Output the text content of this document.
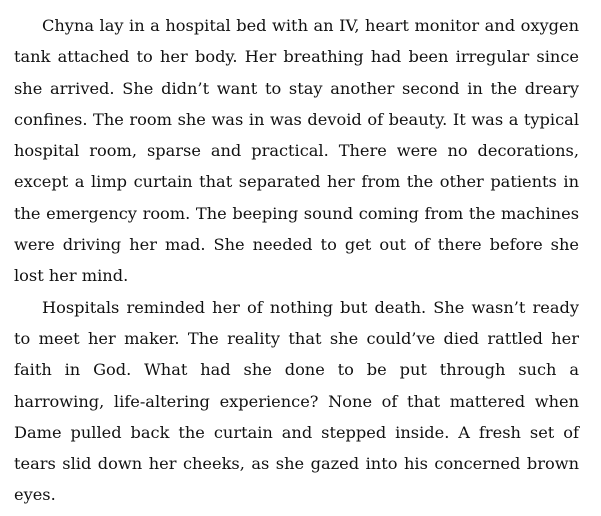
Chyna lay in a hospital bed with an IV, heart monitor and oxygen tank attached to her body. Her breathing had been irregular since she arrived. She didn’t want to stay another second in the dreary confines. The room she was in was devoid of beauty. It was a typical hospital room, sparse and practical. There were no decorations, except a limp curtain that separated her from the other patients in the emergency room. The beeping sound coming from the machines were driving her mad. She needed to get out of there before she lost her mind.

Hospitals reminded her of nothing but death. She wasn’t ready to meet her maker. The reality that she could’ve died rattled her faith in God. What had she done to be put through such a harrowing, life-altering experience? None of that mattered when Dame pulled back the curtain and stepped inside. A fresh set of tears slid down her cheeks, as she gazed into his concerned brown eyes.
